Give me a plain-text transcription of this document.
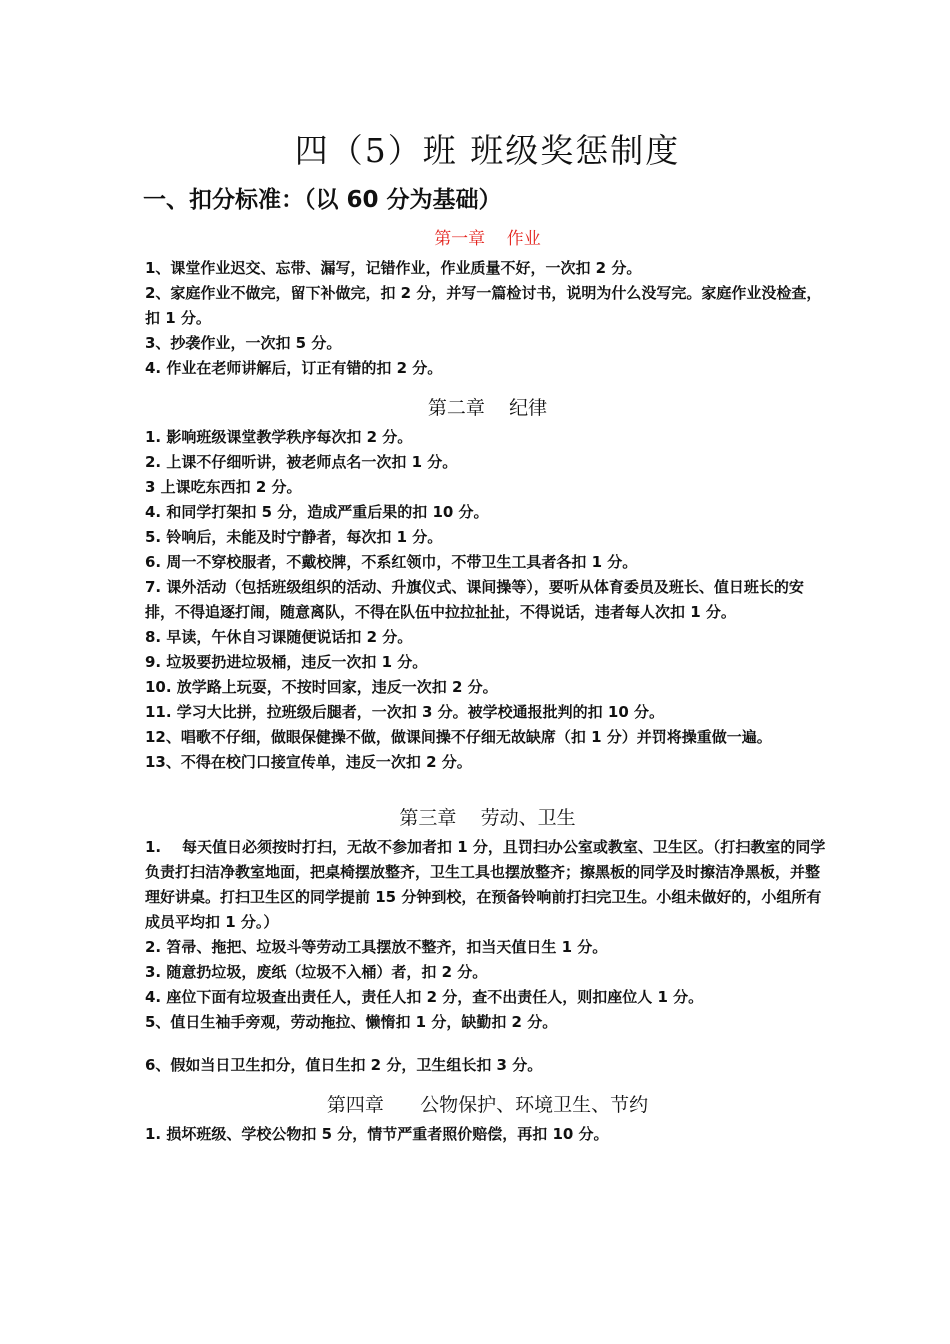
四（5）班 班级奖惩制度
一、扣分标准：（以 60 分为基础）
第一章    作业

1、课堂作业迟交、忘带、漏写，记错作业，作业质量不好，一次扣 2 分。

2、家庭作业不做完，留下补做完，扣 2 分，并写一篇检讨书，说明为什么没写完。家庭作业没检查，扣 1 分。

3、抄袭作业，一次扣 5 分。

4. 作业在老师讲解后，订正有错的扣 2 分。

第二章    纪律

1. 影响班级课堂教学秩序每次扣 2 分。

2. 上课不仔细听讲，被老师点名一次扣 1 分。

3 上课吃东西扣 2 分。

4. 和同学打架扣 5 分，造成严重后果的扣 10 分。

5. 铃响后，未能及时宁静者，每次扣 1 分。

6. 周一不穿校服者，不戴校牌，不系红领巾，不带卫生工具者各扣 1 分。

7. 课外活动（包括班级组织的活动、升旗仪式、课间操等），要听从体育委员及班长、值日班长的安排，不得追逐打闹，随意离队，不得在队伍中拉拉扯扯，不得说话，违者每人次扣 1 分。

8. 早读，午休自习课随便说话扣 2 分。

9. 垃圾要扔进垃圾桶，违反一次扣 1 分。

10. 放学路上玩耍，不按时回家，违反一次扣 2 分。

11. 学习大比拼，拉班级后腿者，一次扣 3 分。被学校通报批判的扣 10 分。

12、唱歌不仔细，做眼保健操不做，做课间操不仔细无故缺席（扣 1 分）并罚将操重做一遍。

13、不得在校门口接宣传单，违反一次扣 2 分。

第三章    劳动、卫生

1.    每天值日必须按时打扫，无故不参加者扣 1 分，且罚扫办公室或教室、卫生区。（打扫教室的同学负责打扫洁净教室地面，把桌椅摆放整齐，卫生工具也摆放整齐；擦黑板的同学及时擦洁净黑板，并整理好讲桌。打扫卫生区的同学提前 15 分钟到校，在预备铃响前打扫完卫生。小组未做好的，小组所有成员平均扣 1 分。）

2. 笤帚、拖把、垃圾斗等劳动工具摆放不整齐，扣当天值日生 1 分。

3. 随意扔垃圾，废纸（垃圾不入桶）者，扣 2 分。

4. 座位下面有垃圾查出责任人，责任人扣 2 分，查不出责任人，则扣座位人 1 分。

5、值日生袖手旁观，劳动拖拉、懒惰扣 1 分，缺勤扣 2 分。

6、假如当日卫生扣分，值日生扣 2 分，卫生组长扣 3 分。

第四章      公物保护、环境卫生、节约

1. 损坏班级、学校公物扣 5 分，情节严重者照价赔偿，再扣 10 分。
